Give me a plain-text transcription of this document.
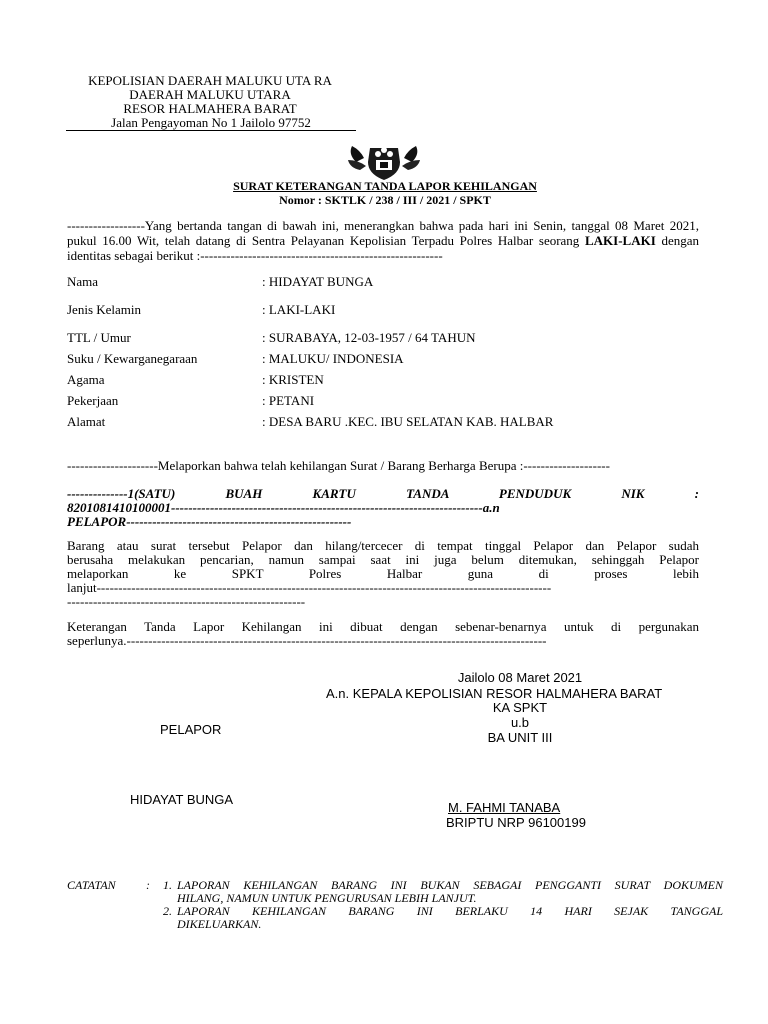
KEPOLISIAN DAERAH MALUKU UTA RA
DAERAH MALUKU UTARA
RESOR HALMAHERA BARAT
Jalan Pengayoman No 1 Jailolo 97752
SURAT KETERANGAN TANDA LAPOR KEHILANGAN
Nomor : SKTLK / 238 / III / 2021 / SPKT
------------------Yang bertanda tangan di bawah ini, menerangkan bahwa pada hari ini Senin, tanggal 08 Maret 2021, pukul 16.00 Wit, telah datang di Sentra Pelayanan Kepolisian Terpadu Polres Halbar seorang LAKI-LAKI dengan identitas sebagai berikut :--------------------------------------------------------
Nama	: HIDAYAT BUNGA
Jenis Kelamin	: LAKI-LAKI
TTL / Umur	: SURABAYA, 12-03-1957 / 64 TAHUN
Suku / Kewarganegaraan	: MALUKU/ INDONESIA
Agama	: KRISTEN
Pekerjaan	: PETANI
Alamat	: DESA BARU .KEC. IBU SELATAN KAB. HALBAR
---------------------Melaporkan bahwa telah kehilangan Surat / Barang Berharga Berupa :--------------------
--------------1(SATU) BUAH KARTU TANDA PENDUDUK NIK :
8201081410100001------------------------------------------------------------------------a.n
PELAPOR----------------------------------------------------
Barang atau surat tersebut Pelapor dan hilang/tercecer di tempat tinggal Pelapor dan Pelapor sudah
berusaha melakukan pencarian, namun sampai saat ini juga belum ditemukan, sehinggah Pelapor
melaporkan ke SPKT Polres Halbar guna di proses lebih
lanjut---------------------------------------------------------------------------------------------------------
-------------------------------------------------------
Keterangan Tanda Lapor Kehilangan ini dibuat dengan sebenar-benarnya untuk di pergunakan
seperlunya.-------------------------------------------------------------------------------------------------
Jailolo 08 Maret 2021
A.n. KEPALA KEPOLISIAN RESOR HALMAHERA BARAT
KA SPKT
u.b
BA UNIT III
PELAPOR
HIDAYAT BUNGA
M. FAHMI TANABA
BRIPTU NRP 96100199
CATATAN	: 1. LAPORAN KEHILANGAN BARANG INI BUKAN SEBAGAI PENGGANTI SURAT DOKUMEN
HILANG, NAMUN UNTUK PENGURUSAN LEBIH LANJUT.
2. LAPORAN KEHILANGAN BARANG INI BERLAKU 14 HARI SEJAK TANGGAL
DIKELUARKAN.
